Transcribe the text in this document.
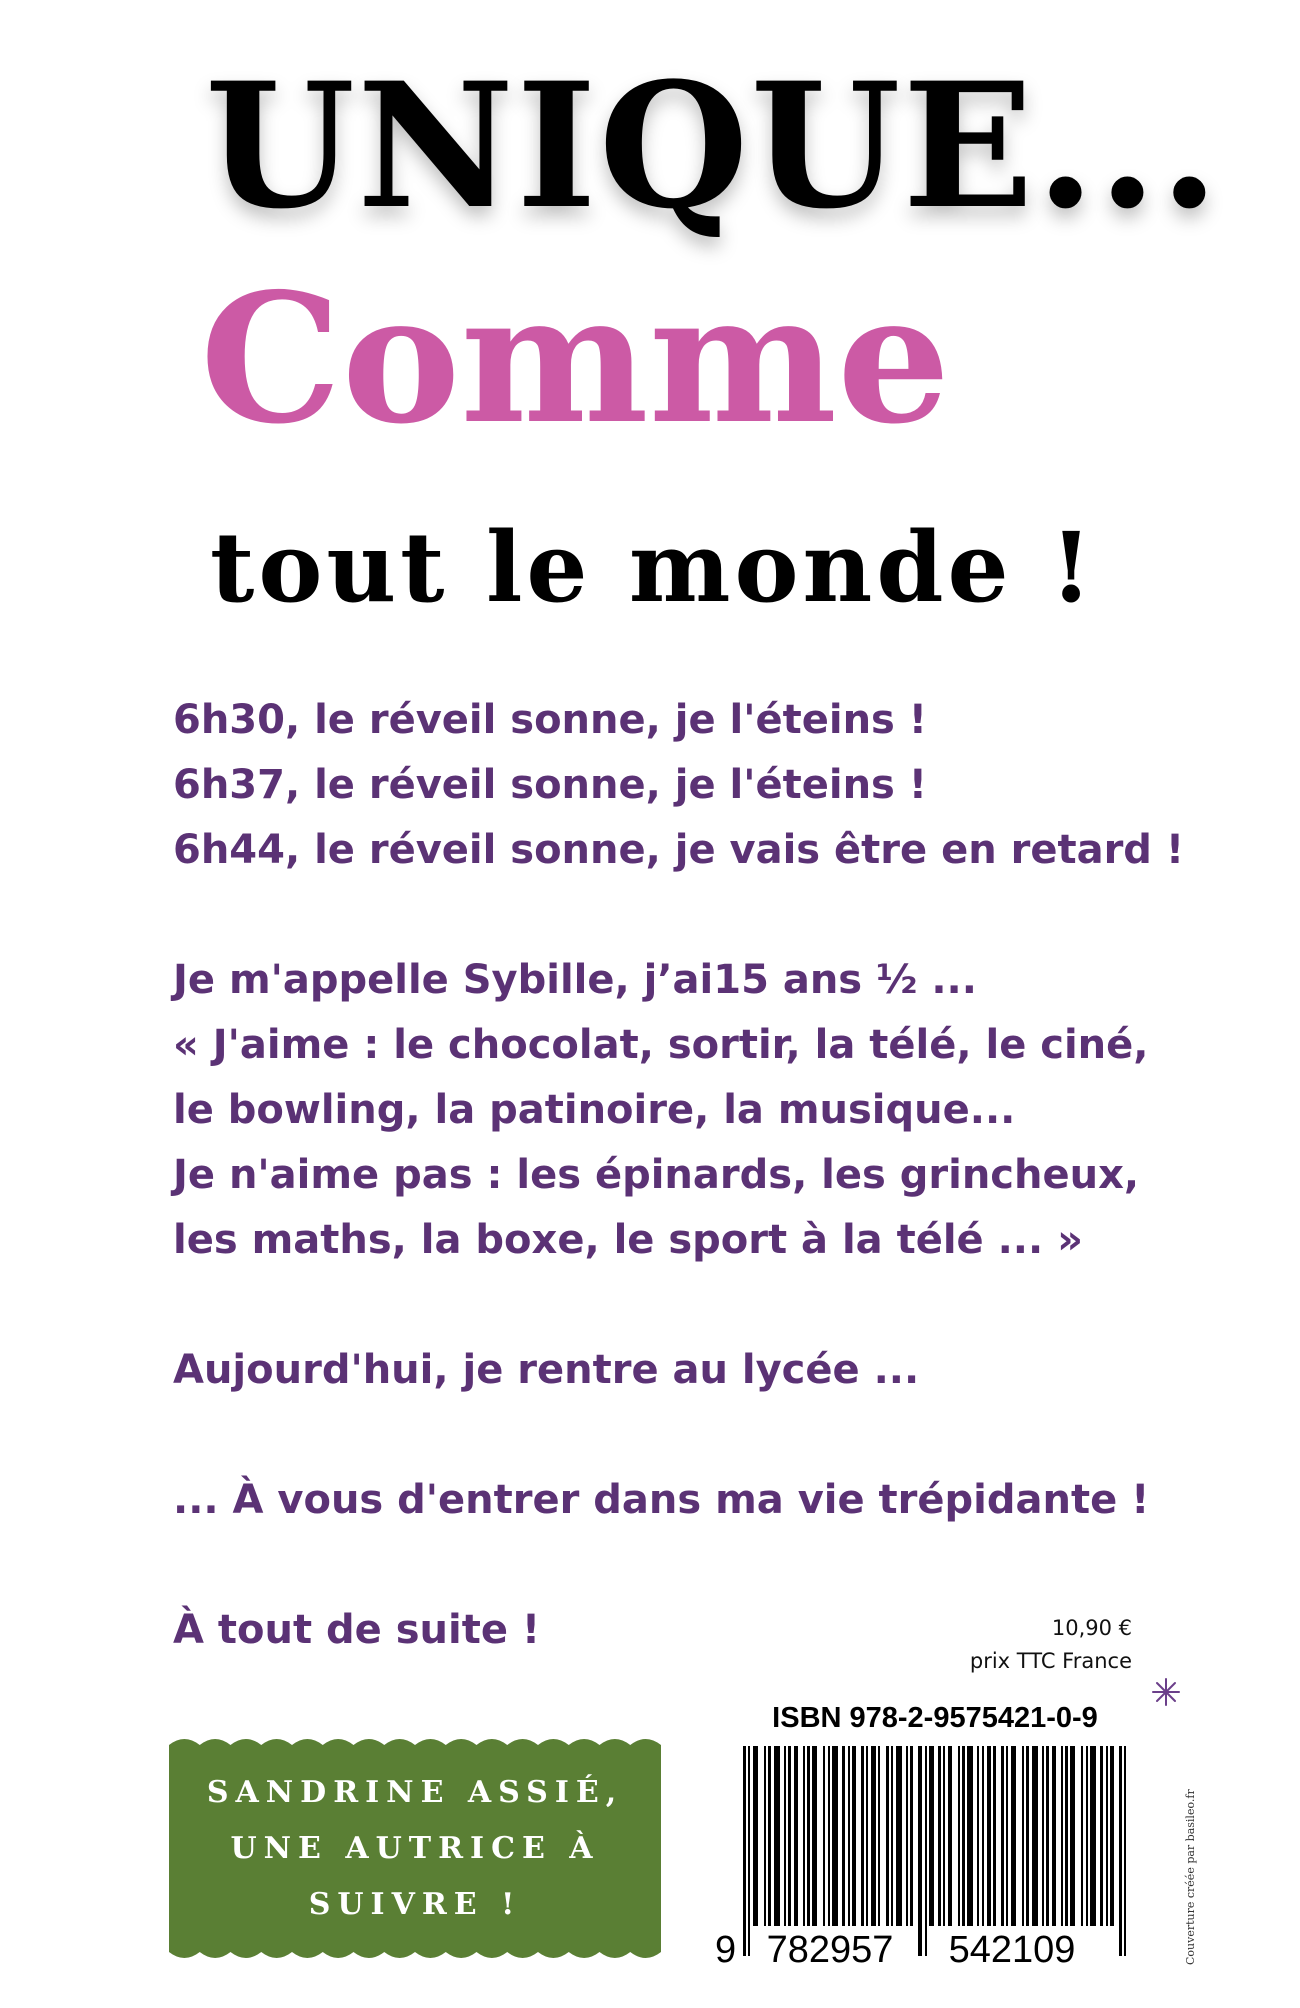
UNIQUE...
Comme
tout le monde !
6h30, le réveil sonne, je l'éteins !
6h37, le réveil sonne, je l'éteins !
6h44, le réveil sonne, je vais être en retard !
Je m'appelle Sybille, j’ai15 ans ½ ...
« J'aime : le chocolat, sortir, la télé, le ciné,
le bowling, la patinoire, la musique...
Je n'aime pas : les épinards, les grincheux,
les maths, la boxe, le sport à la télé ... »
Aujourd'hui, je rentre au lycée ...
... À vous d'entrer dans ma vie trépidante !
À tout de suite !	10,90 €
prix TTC France
ISBN 978-2-9575421-0-9
9 782957 542109	Couverture créée par basileo.fr
SANDRINE ASSIÉ,
UNE AUTRICE À SUIVRE !
